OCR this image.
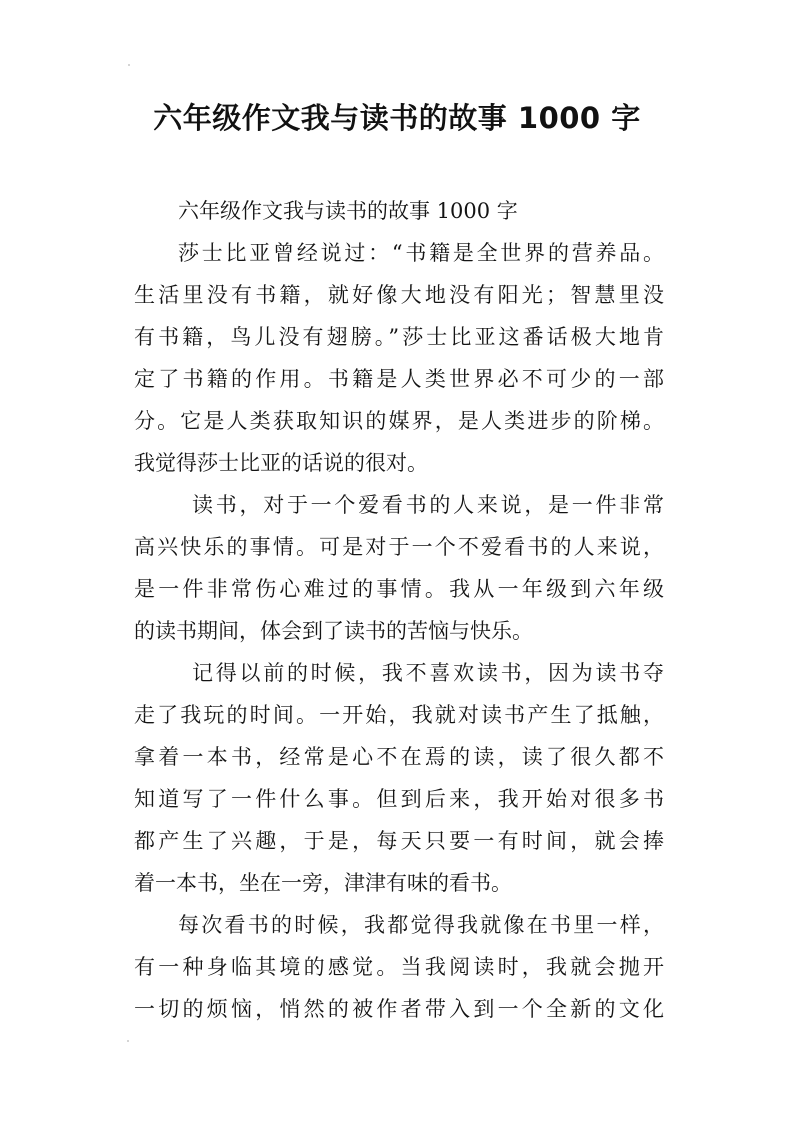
六年级作文我与读书的故事 1000 字
六年级作文我与读书的故事 1000 字
莎士比亚曾经说过：“书籍是全世界的营养品。
生活里没有书籍，就好像大地没有阳光；智慧里没
有书籍，鸟儿没有翅膀。”莎士比亚这番话极大地肯
定了书籍的作用。书籍是人类世界必不可少的一部
分。它是人类获取知识的媒界，是人类进步的阶梯。
我觉得莎士比亚的话说的很对。
读书，对于一个爱看书的人来说，是一件非常
高兴快乐的事情。可是对于一个不爱看书的人来说，
是一件非常伤心难过的事情。我从一年级到六年级
的读书期间，体会到了读书的苦恼与快乐。
记得以前的时候，我不喜欢读书，因为读书夺
走了我玩的时间。一开始，我就对读书产生了抵触，
拿着一本书，经常是心不在焉的读，读了很久都不
知道写了一件什么事。但到后来，我开始对很多书
都产生了兴趣，于是，每天只要一有时间，就会捧
着一本书，坐在一旁，津津有味的看书。
每次看书的时候，我都觉得我就像在书里一样，
有一种身临其境的感觉。当我阅读时，我就会抛开
一切的烦恼，悄然的被作者带入到一个全新的文化
